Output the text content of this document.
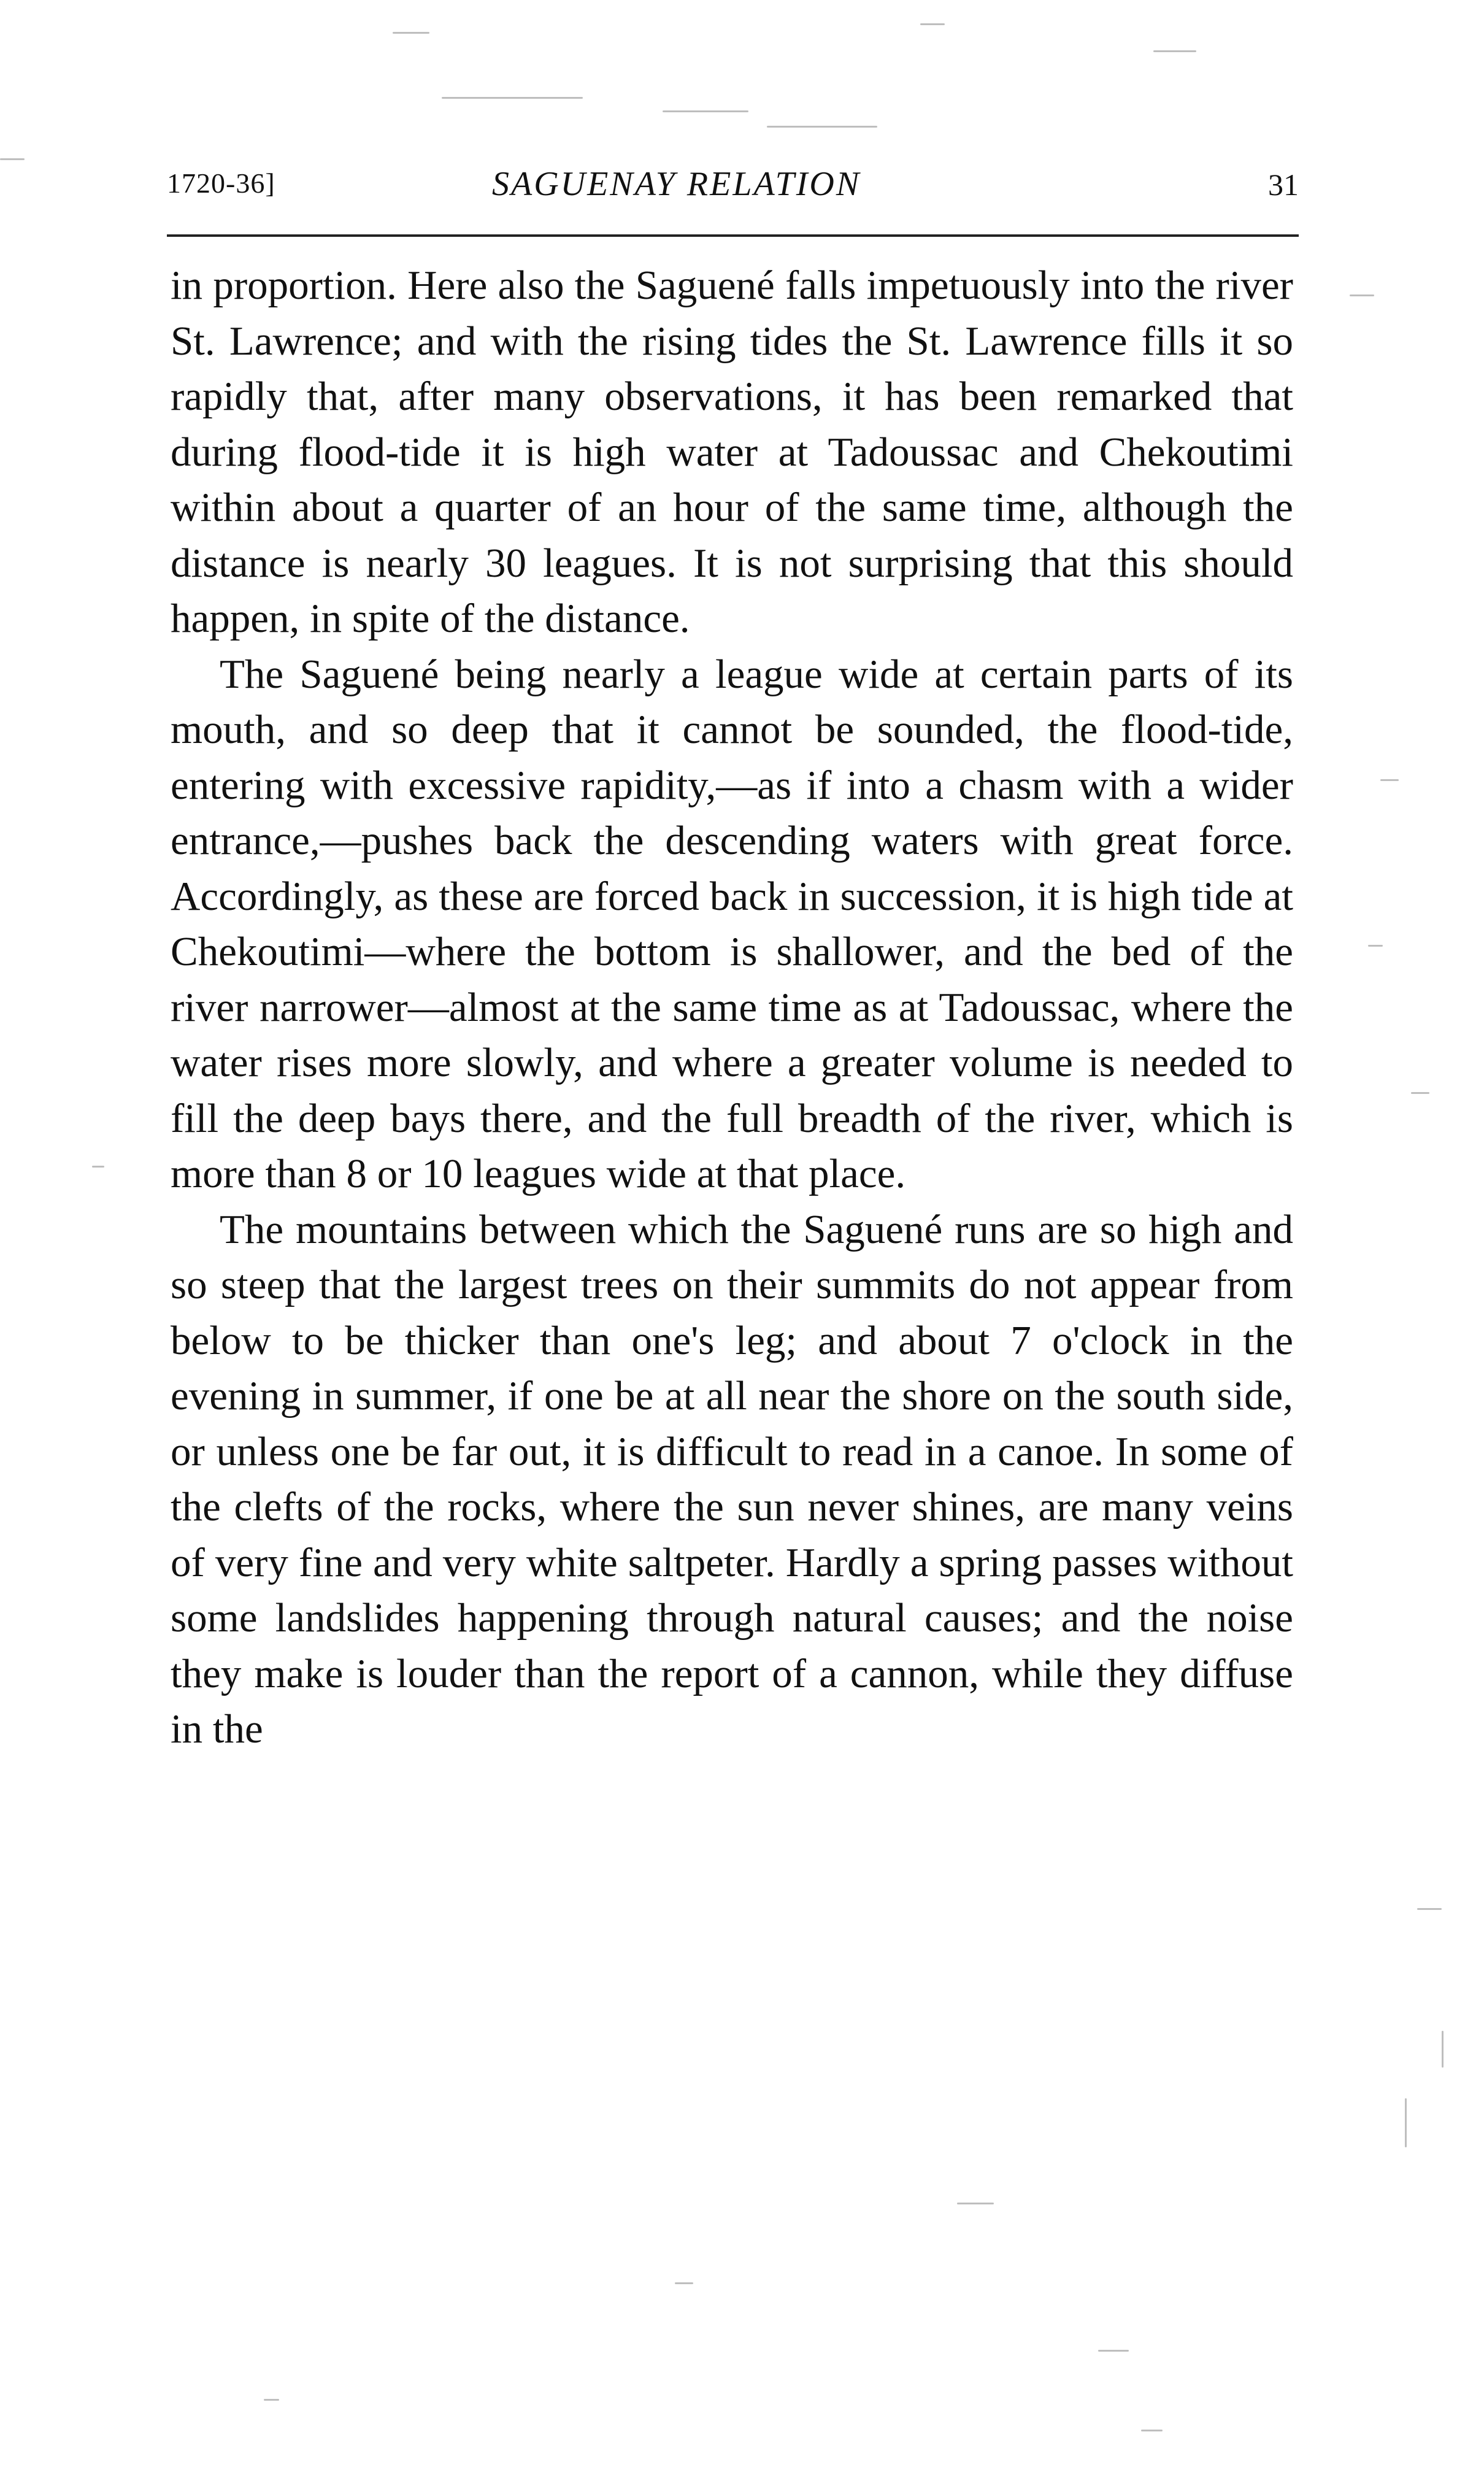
1720-36]	SAGUENAY RELATION	31

in proportion. Here also the Saguené falls impetuously into the river St. Lawrence; and with the rising tides the St. Lawrence fills it so rapidly that, after many observations, it has been remarked that during flood-tide it is high water at Tadoussac and Chekoutimi within about a quarter of an hour of the same time, although the distance is nearly 30 leagues. It is not surprising that this should happen, in spite of the distance.

The Saguené being nearly a league wide at certain parts of its mouth, and so deep that it cannot be sounded, the flood-tide, entering with excessive rapidity,—as if into a chasm with a wider entrance,—pushes back the descending waters with great force. Accordingly, as these are forced back in succession, it is high tide at Chekoutimi—where the bottom is shallower, and the bed of the river narrower—almost at the same time as at Tadoussac, where the water rises more slowly, and where a greater volume is needed to fill the deep bays there, and the full breadth of the river, which is more than 8 or 10 leagues wide at that place.

The mountains between which the Saguené runs are so high and so steep that the largest trees on their summits do not appear from below to be thicker than one's leg; and about 7 o'clock in the evening in summer, if one be at all near the shore on the south side, or unless one be far out, it is difficult to read in a canoe. In some of the clefts of the rocks, where the sun never shines, are many veins of very fine and very white saltpeter. Hardly a spring passes without some landslides happening through natural causes; and the noise they make is louder than the report of a cannon, while they diffuse in the
